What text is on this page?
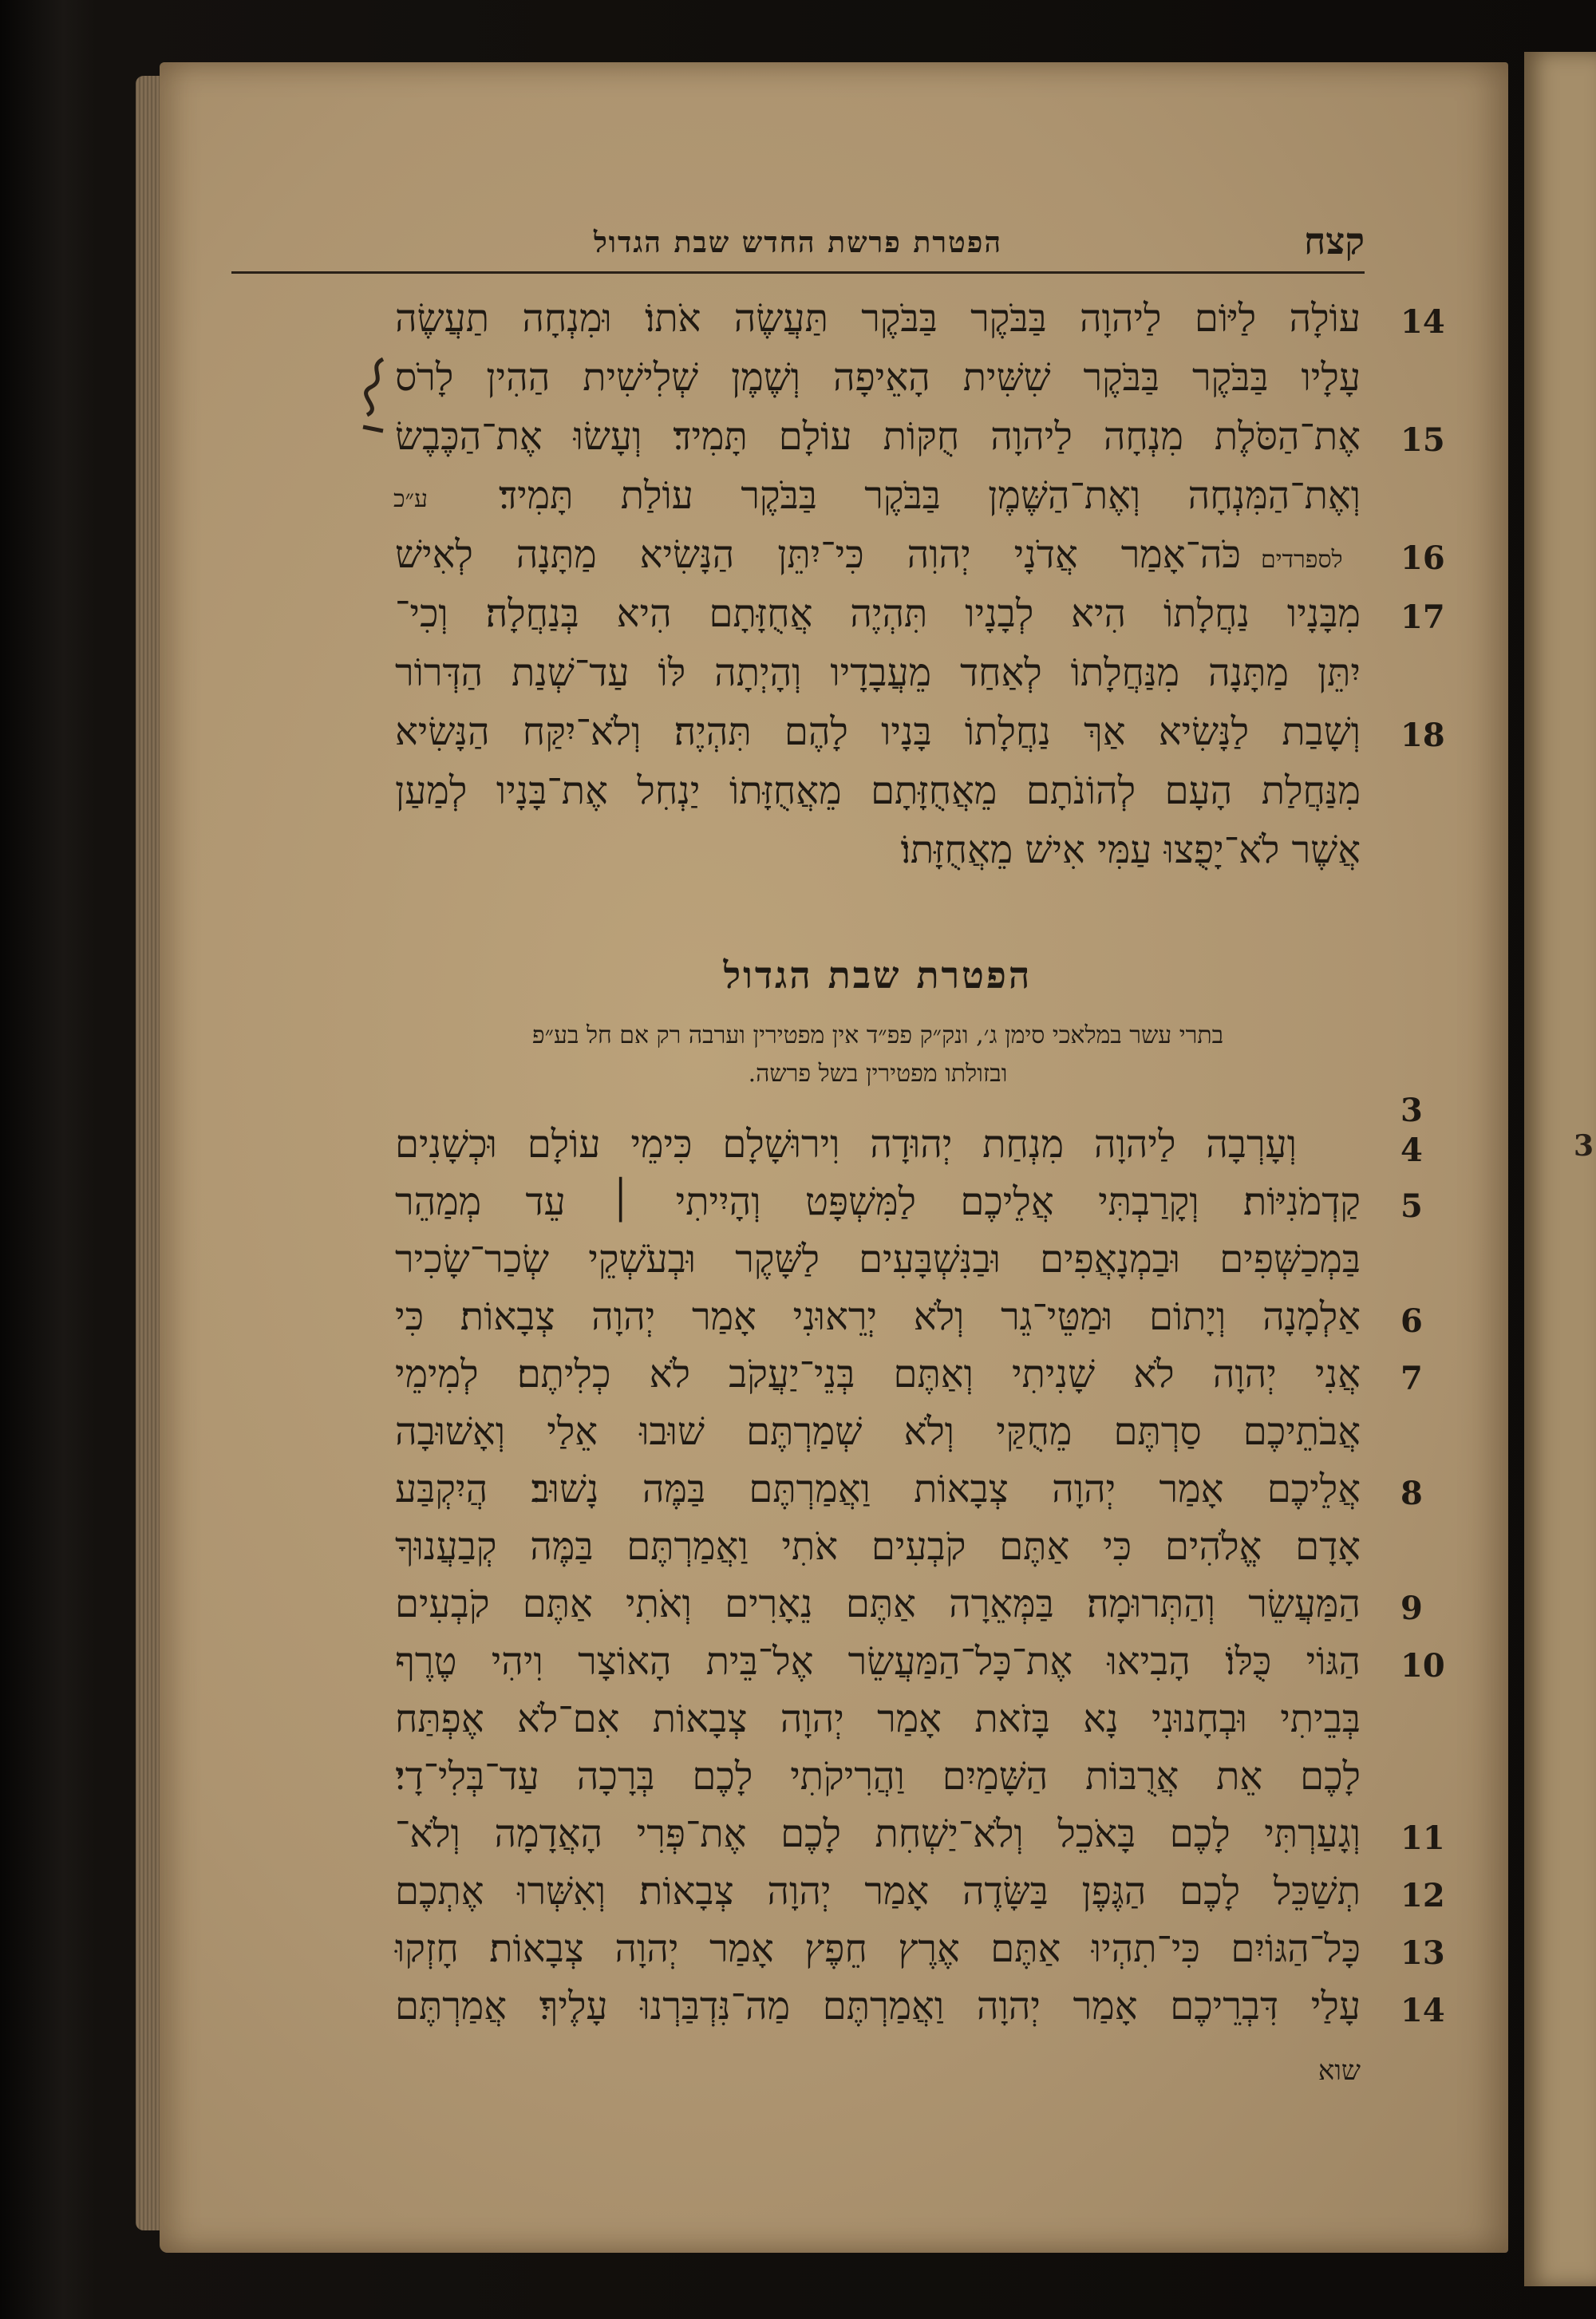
3
קצח
הפטרת פרשת החדש שבת הגדול
14
עוֹלָה לַיּוֹם לַיהוָה בַּבֹּקֶר בַּבֹּקֶר תַּעֲשֶׂה אֹתוֹ׃ וּמִנְחָה תַעֲשֶׂה
עָלָיו בַּבֹּקֶר בַּבֹּקֶר שִׁשִּׁית הָאֵיפָה וְשֶׁמֶן שְׁלִישִׁית הַהִין לָרֹס
15
אֶת־הַסֹּלֶת מִנְחָה לַיהוָה חֻקּוֹת עוֹלָם תָּמִיד׃ וְעָשׂוּ אֶת־הַכֶּבֶשׂ
וְאֶת־הַמִּנְחָה וְאֶת־הַשֶּׁמֶן בַּבֹּקֶר בַּבֹּקֶר עוֹלַת תָּמִיד׃
ע״כ
16
לספרדים
כֹּה־אָמַר אֲדֹנָי יְהוִה כִּי־יִתֵּן הַנָּשִׂיא מַתָּנָה לְאִישׁ
17
מִבָּנָיו נַחֲלָתוֹ הִיא לְבָנָיו תִּהְיֶה אֲחֻזָּתָם הִיא בְּנַחֲלָה׃ וְכִי־
יִתֵּן מַתָּנָה מִנַּחֲלָתוֹ לְאַחַד מֵעֲבָדָיו וְהָיְתָה לּוֹ עַד־שְׁנַת הַדְּרוֹר
18
וְשָׁבַת לַנָּשִׂיא אַךְ נַחֲלָתוֹ בָּנָיו לָהֶם תִּהְיֶה׃ וְלֹא־יִקַּח הַנָּשִׂיא
מִנַּחֲלַת הָעָם לְהוֹנֹתָם מֵאֲחֻזָּתָם מֵאֲחֻזָּתוֹ יַנְחִל אֶת־בָּנָיו לְמַעַן
אֲשֶׁר לֹא־יָפֻצוּ עַמִּי אִישׁ מֵאֲחֻזָּתוֹ׃
הפטרת שבת הגדול
בתרי עשר במלאכי סימן ג׳, ונק״ק פפ״ד אין מפטירין וערבה רק אם חל בע״פ
ובזולתו מפטירין בשל פרשה.
3
4
וְעָרְבָה לַיהוָה מִנְחַת יְהוּדָה וִירוּשָׁלָם כִּימֵי עוֹלָם וּכְשָׁנִים
5
קַדְמֹנִיּוֹת׃ וְקָרַבְתִּי אֲלֵיכֶם לַמִּשְׁפָּט וְהָיִיתִי ׀ עֵד מְמַהֵר
בַּמְכַשְּׁפִים וּבַמְנָאֲפִים וּבַנִּשְׁבָּעִים לַשָּׁקֶר וּבְעֹשְׁקֵי שְׂכַר־שָׂכִיר
6
אַלְמָנָה וְיָתוֹם וּמַטֵּי־גֵר וְלֹא יְרֵאוּנִי אָמַר יְהוָה צְבָאוֹת׃ כִּי
7
אֲנִי יְהוָה לֹא שָׁנִיתִי וְאַתֶּם בְּנֵי־יַעֲקֹב לֹא כְלִיתֶם׃ לְמִימֵי
אֲבֹתֵיכֶם סַרְתֶּם מֵחֻקַּי וְלֹא שְׁמַרְתֶּם שׁוּבוּ אֵלַי וְאָשׁוּבָה
8
אֲלֵיכֶם אָמַר יְהוָה צְבָאוֹת וַאֲמַרְתֶּם בַּמֶּה נָשׁוּב׃ הֲיִקְבַּע
אָדָם אֱלֹהִים כִּי אַתֶּם קֹבְעִים אֹתִי וַאֲמַרְתֶּם בַּמֶּה קְבַעֲנוּךָ
9
הַמַּעֲשֵׂר וְהַתְּרוּמָה׃ בַּמְּאֵרָה אַתֶּם נֵאָרִים וְאֹתִי אַתֶּם קֹבְעִים
10
הַגּוֹי כֻּלּוֹ׃ הָבִיאוּ אֶת־כָּל־הַמַּעֲשֵׂר אֶל־בֵּית הָאוֹצָר וִיהִי טֶרֶף
בְּבֵיתִי וּבְחָנוּנִי נָא בָּזֹאת אָמַר יְהוָה צְבָאוֹת אִם־לֹא אֶפְתַּח
לָכֶם אֵת אֲרֻבּוֹת הַשָּׁמַיִם וַהֲרִיקֹתִי לָכֶם בְּרָכָה עַד־בְּלִי־דָי׃
11
וְגָעַרְתִּי לָכֶם בָּאֹכֵל וְלֹא־יַשְׁחִת לָכֶם אֶת־פְּרִי הָאֲדָמָה וְלֹא־
12
תְשַׁכֵּל לָכֶם הַגֶּפֶן בַּשָּׂדֶה אָמַר יְהוָה צְבָאוֹת׃ וְאִשְּׁרוּ אֶתְכֶם
13
כָּל־הַגּוֹיִם כִּי־תִהְיוּ אַתֶּם אֶרֶץ חֵפֶץ אָמַר יְהוָה צְבָאוֹת׃ חָזְקוּ
14
עָלַי דִּבְרֵיכֶם אָמַר יְהוָה וַאֲמַרְתֶּם מַה־נִּדְבַּרְנוּ עָלֶיךָ׃ אֲמַרְתֶּם
שוא
